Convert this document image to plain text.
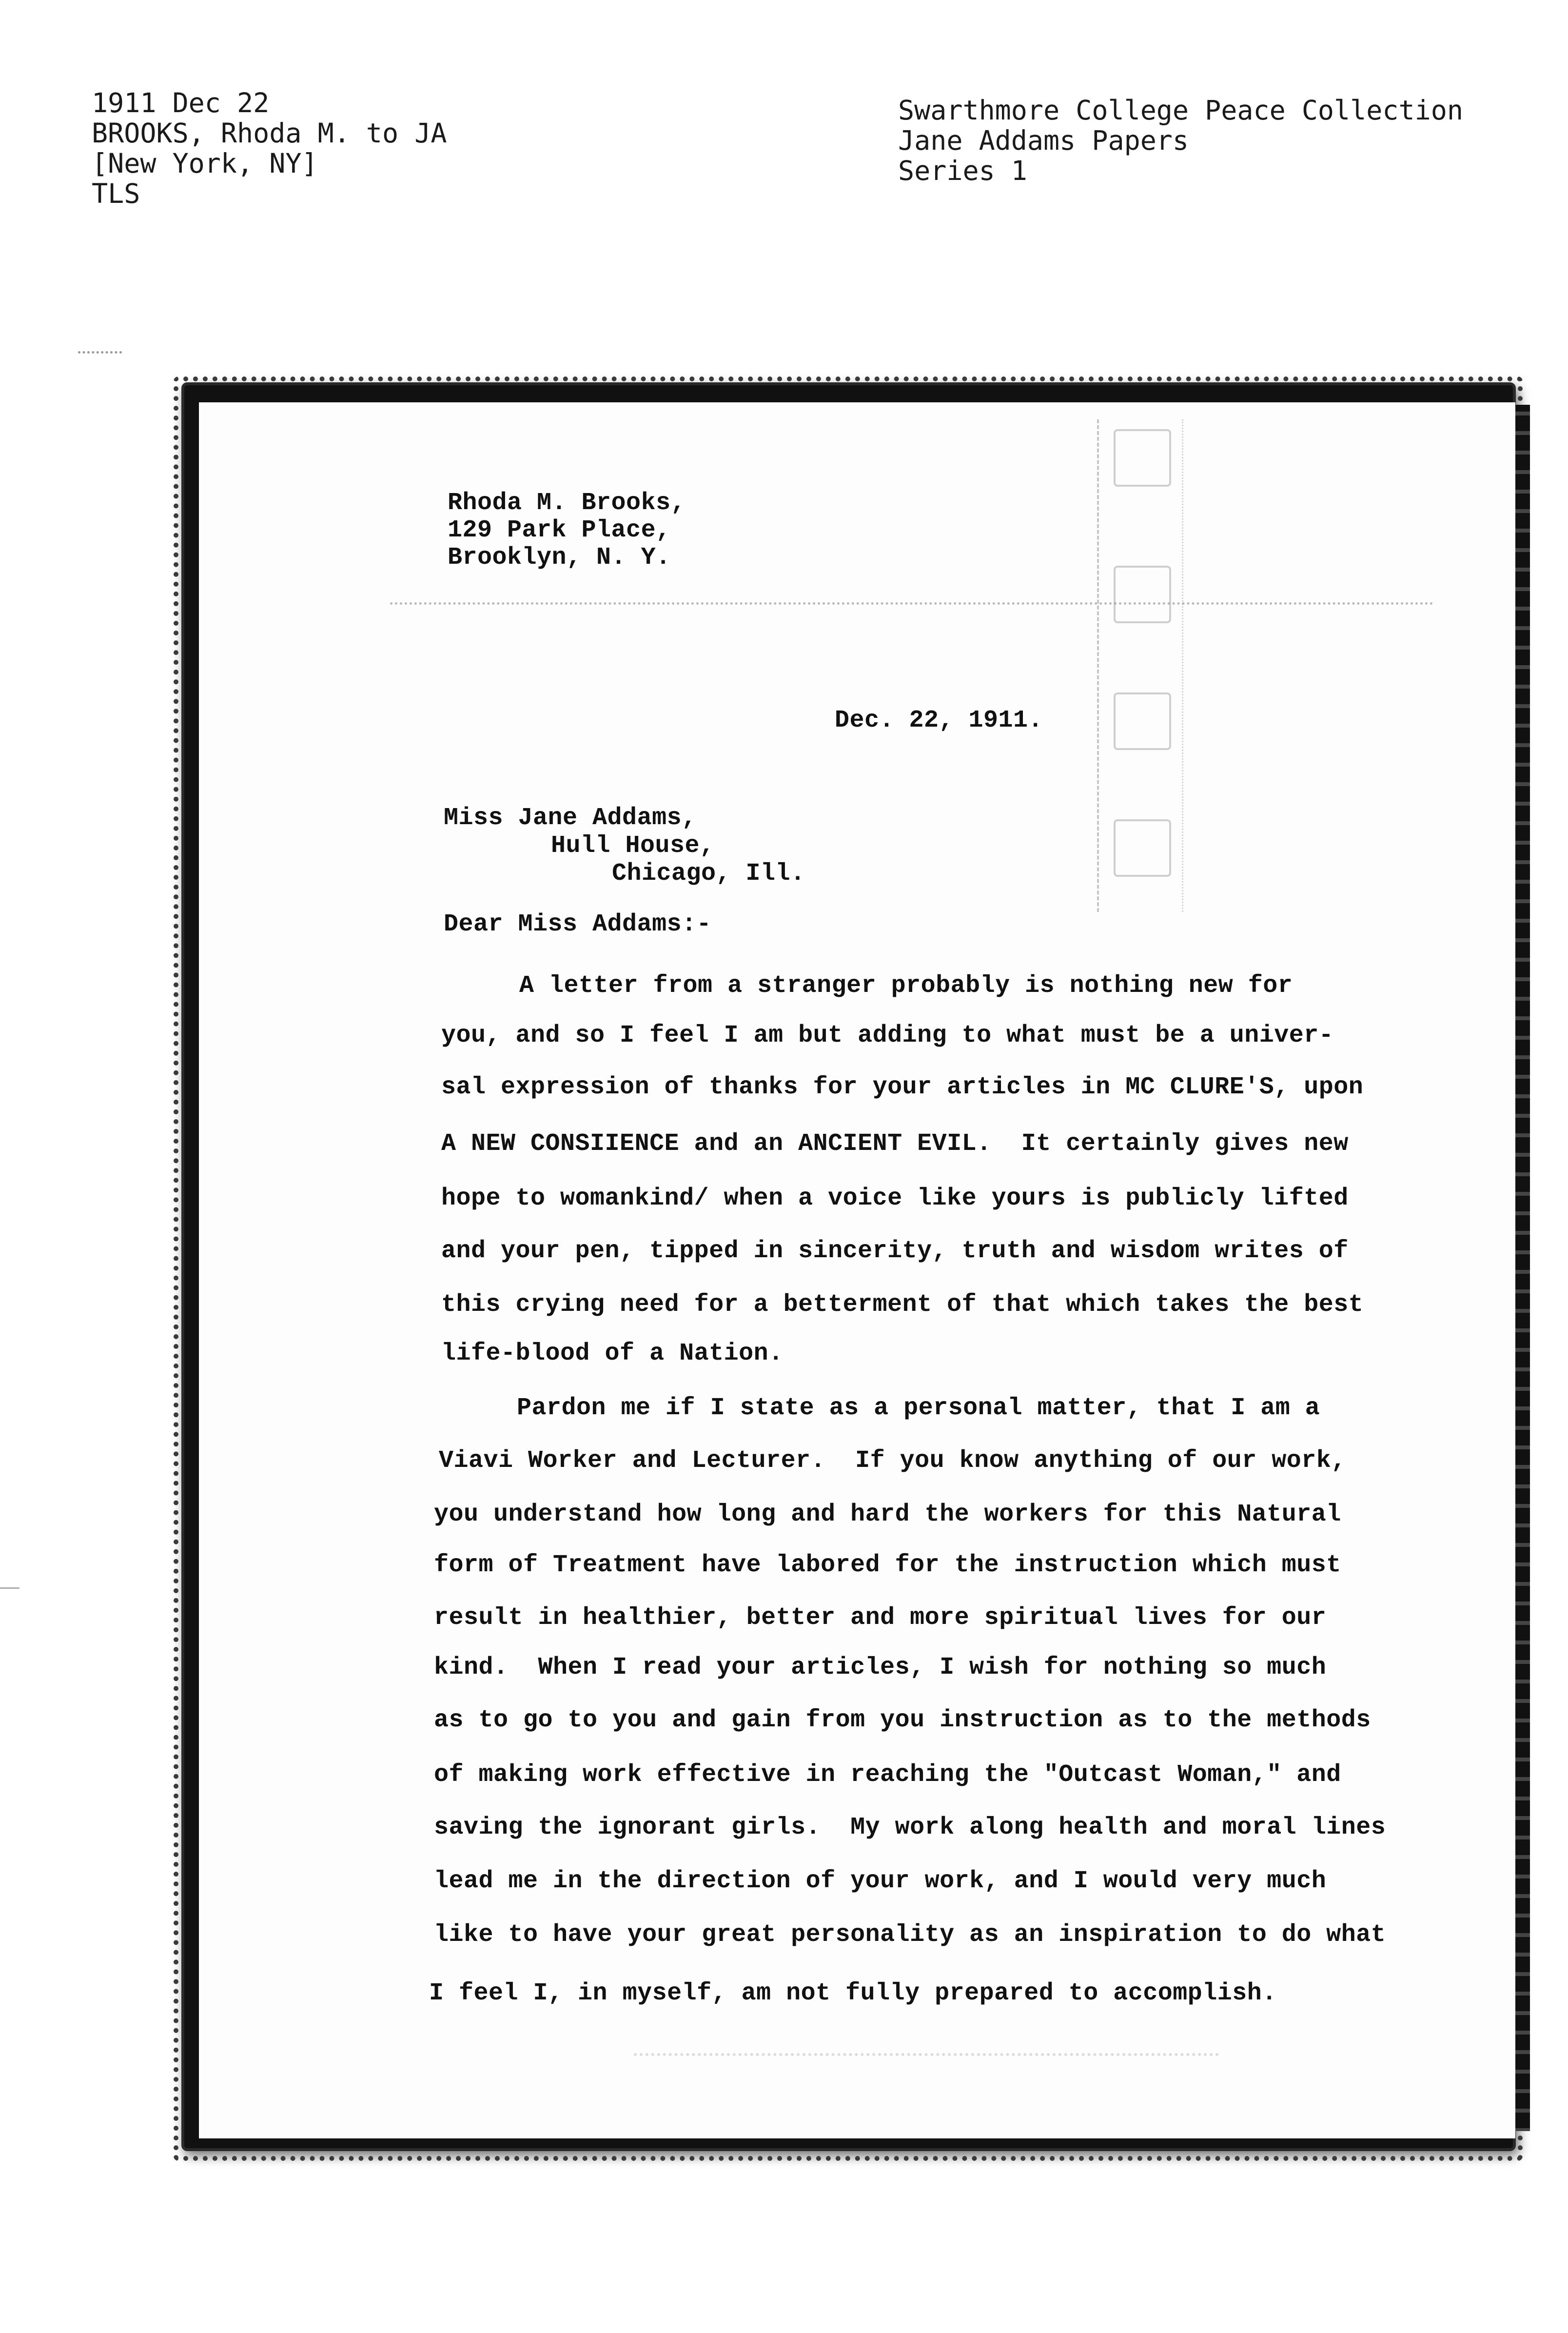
1911 Dec 22
BROOKS, Rhoda M. to JA
[New York, NY]
TLS
Swarthmore College Peace Collection
Jane Addams Papers
Series 1
Rhoda M. Brooks,
129 Park Place,
Brooklyn, N. Y.
Dec. 22, 1911.
Miss Jane Addams,
Hull House,
Chicago, Ill.
Dear Miss Addams:-
A letter from a stranger probably is nothing new for
you, and so I feel I am but adding to what must be a univer-
sal expression of thanks for your articles in MC CLURE'S, upon
A NEW CONSIIENCE and an ANCIENT EVIL.  It certainly gives new
hope to womankind/ when a voice like yours is publicly lifted
and your pen, tipped in sincerity, truth and wisdom writes of
this crying need for a betterment of that which takes the best
life-blood of a Nation.
Pardon me if I state as a personal matter, that I am a
Viavi Worker and Lecturer.  If you know anything of our work,
you understand how long and hard the workers for this Natural
form of Treatment have labored for the instruction which must
result in healthier, better and more spiritual lives for our
kind.  When I read your articles, I wish for nothing so much
as to go to you and gain from you instruction as to the methods
of making work effective in reaching the "Outcast Woman," and
saving the ignorant girls.  My work along health and moral lines
lead me in the direction of your work, and I would very much
like to have your great personality as an inspiration to do what
I feel I, in myself, am not fully prepared to accomplish.
